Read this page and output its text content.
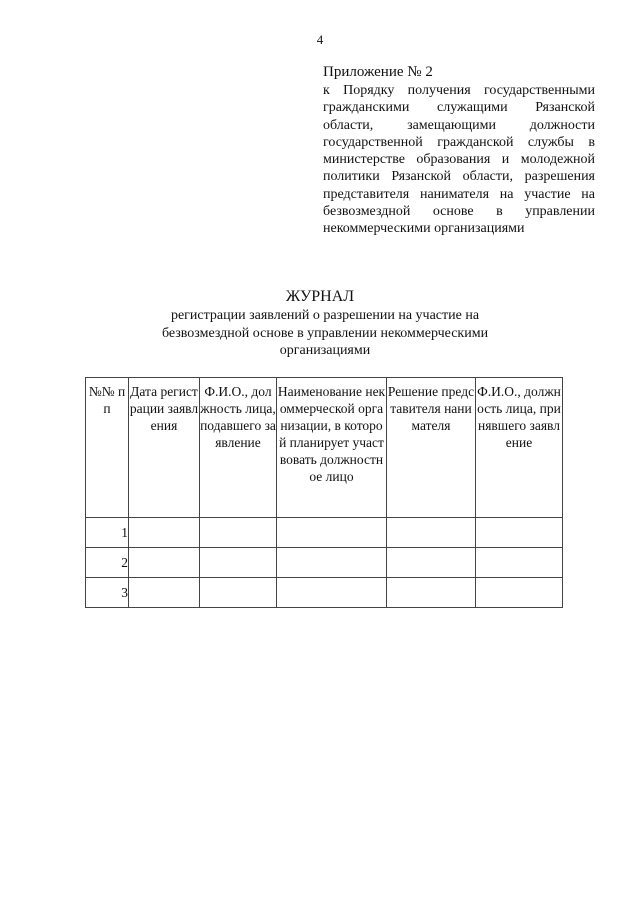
4
Приложение № 2
к Порядку получения государственными гражданскими служащими Рязанской области, замещающими должности государственной гражданской службы в министерстве образования и молодежной политики Рязанской области, разрешения представителя нанимателя на участие на безвозмездной основе в управлении некоммерческими организациями
ЖУРНАЛ
регистрации заявлений о разрешении на участие на безвозмездной основе в управлении некоммерческими организациями
№№ пп	Дата регистрации заявления	Ф.И.О., должность лица, подавшего заявление	Наименование некоммерческой организации, в которой планирует участвовать должностное лицо	Решение представителя нанимателя	Ф.И.О., должность лица, принявшего заявление
1					
2					
3					
